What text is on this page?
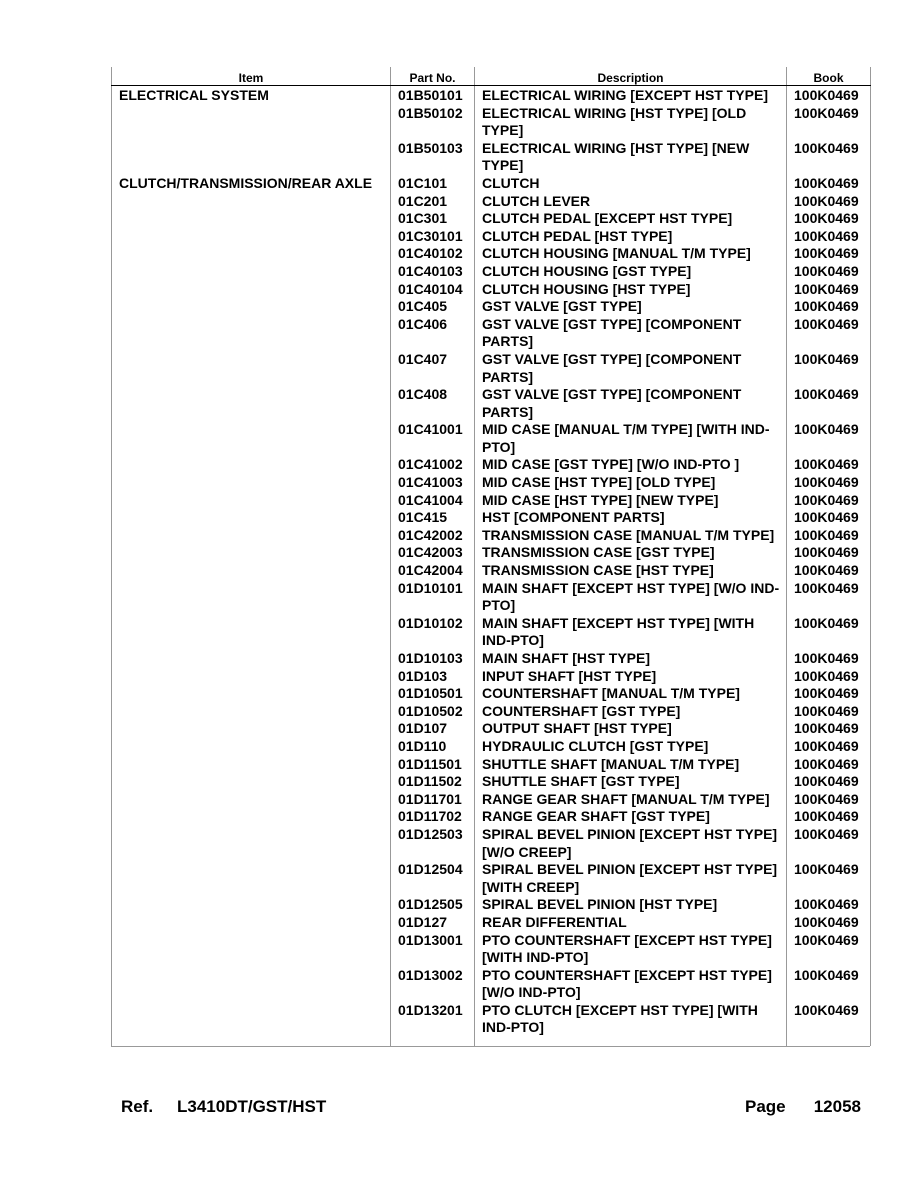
Item	Part No.	Description	Book
ELECTRICAL SYSTEM	01B50101	ELECTRICAL WIRING [EXCEPT HST TYPE]	100K0469
	01B50102	ELECTRICAL WIRING [HST TYPE] [OLD TYPE]	100K0469
	01B50103	ELECTRICAL WIRING [HST TYPE] [NEW TYPE]	100K0469
CLUTCH/TRANSMISSION/REAR AXLE	01C101	CLUTCH	100K0469
	01C201	CLUTCH LEVER	100K0469
	01C301	CLUTCH PEDAL [EXCEPT HST TYPE]	100K0469
	01C30101	CLUTCH PEDAL [HST TYPE]	100K0469
	01C40102	CLUTCH HOUSING [MANUAL T/M TYPE]	100K0469
	01C40103	CLUTCH HOUSING [GST TYPE]	100K0469
	01C40104	CLUTCH HOUSING [HST TYPE]	100K0469
	01C405	GST VALVE [GST TYPE]	100K0469
	01C406	GST VALVE [GST TYPE] [COMPONENT PARTS]	100K0469
	01C407	GST VALVE [GST TYPE] [COMPONENT PARTS]	100K0469
	01C408	GST VALVE [GST TYPE] [COMPONENT PARTS]	100K0469
	01C41001	MID CASE [MANUAL T/M TYPE] [WITH IND-PTO]	100K0469
	01C41002	MID CASE [GST TYPE] [W/O IND-PTO ]	100K0469
	01C41003	MID CASE [HST TYPE] [OLD TYPE]	100K0469
	01C41004	MID CASE [HST TYPE] [NEW TYPE]	100K0469
	01C415	HST [COMPONENT PARTS]	100K0469
	01C42002	TRANSMISSION CASE [MANUAL T/M TYPE]	100K0469
	01C42003	TRANSMISSION CASE [GST TYPE]	100K0469
	01C42004	TRANSMISSION CASE [HST TYPE]	100K0469
	01D10101	MAIN SHAFT [EXCEPT HST TYPE] [W/O IND-PTO]	100K0469
	01D10102	MAIN SHAFT [EXCEPT HST TYPE] [WITH IND-PTO]	100K0469
	01D10103	MAIN SHAFT [HST TYPE]	100K0469
	01D103	INPUT SHAFT [HST TYPE]	100K0469
	01D10501	COUNTERSHAFT [MANUAL T/M TYPE]	100K0469
	01D10502	COUNTERSHAFT [GST TYPE]	100K0469
	01D107	OUTPUT SHAFT [HST TYPE]	100K0469
	01D110	HYDRAULIC CLUTCH [GST TYPE]	100K0469
	01D11501	SHUTTLE SHAFT [MANUAL T/M TYPE]	100K0469
	01D11502	SHUTTLE SHAFT [GST TYPE]	100K0469
	01D11701	RANGE GEAR SHAFT [MANUAL T/M TYPE]	100K0469
	01D11702	RANGE GEAR SHAFT [GST TYPE]	100K0469
	01D12503	SPIRAL BEVEL PINION [EXCEPT HST TYPE] [W/O CREEP]	100K0469
	01D12504	SPIRAL BEVEL PINION [EXCEPT HST TYPE] [WITH CREEP]	100K0469
	01D12505	SPIRAL BEVEL PINION [HST TYPE]	100K0469
	01D127	REAR DIFFERENTIAL	100K0469
	01D13001	PTO COUNTERSHAFT [EXCEPT HST TYPE] [WITH IND-PTO]	100K0469
	01D13002	PTO COUNTERSHAFT [EXCEPT HST TYPE] [W/O IND-PTO]	100K0469
	01D13201	PTO CLUTCH [EXCEPT HST TYPE] [WITH IND-PTO]	100K0469
Ref. L3410DT/GST/HST	Page 12058
